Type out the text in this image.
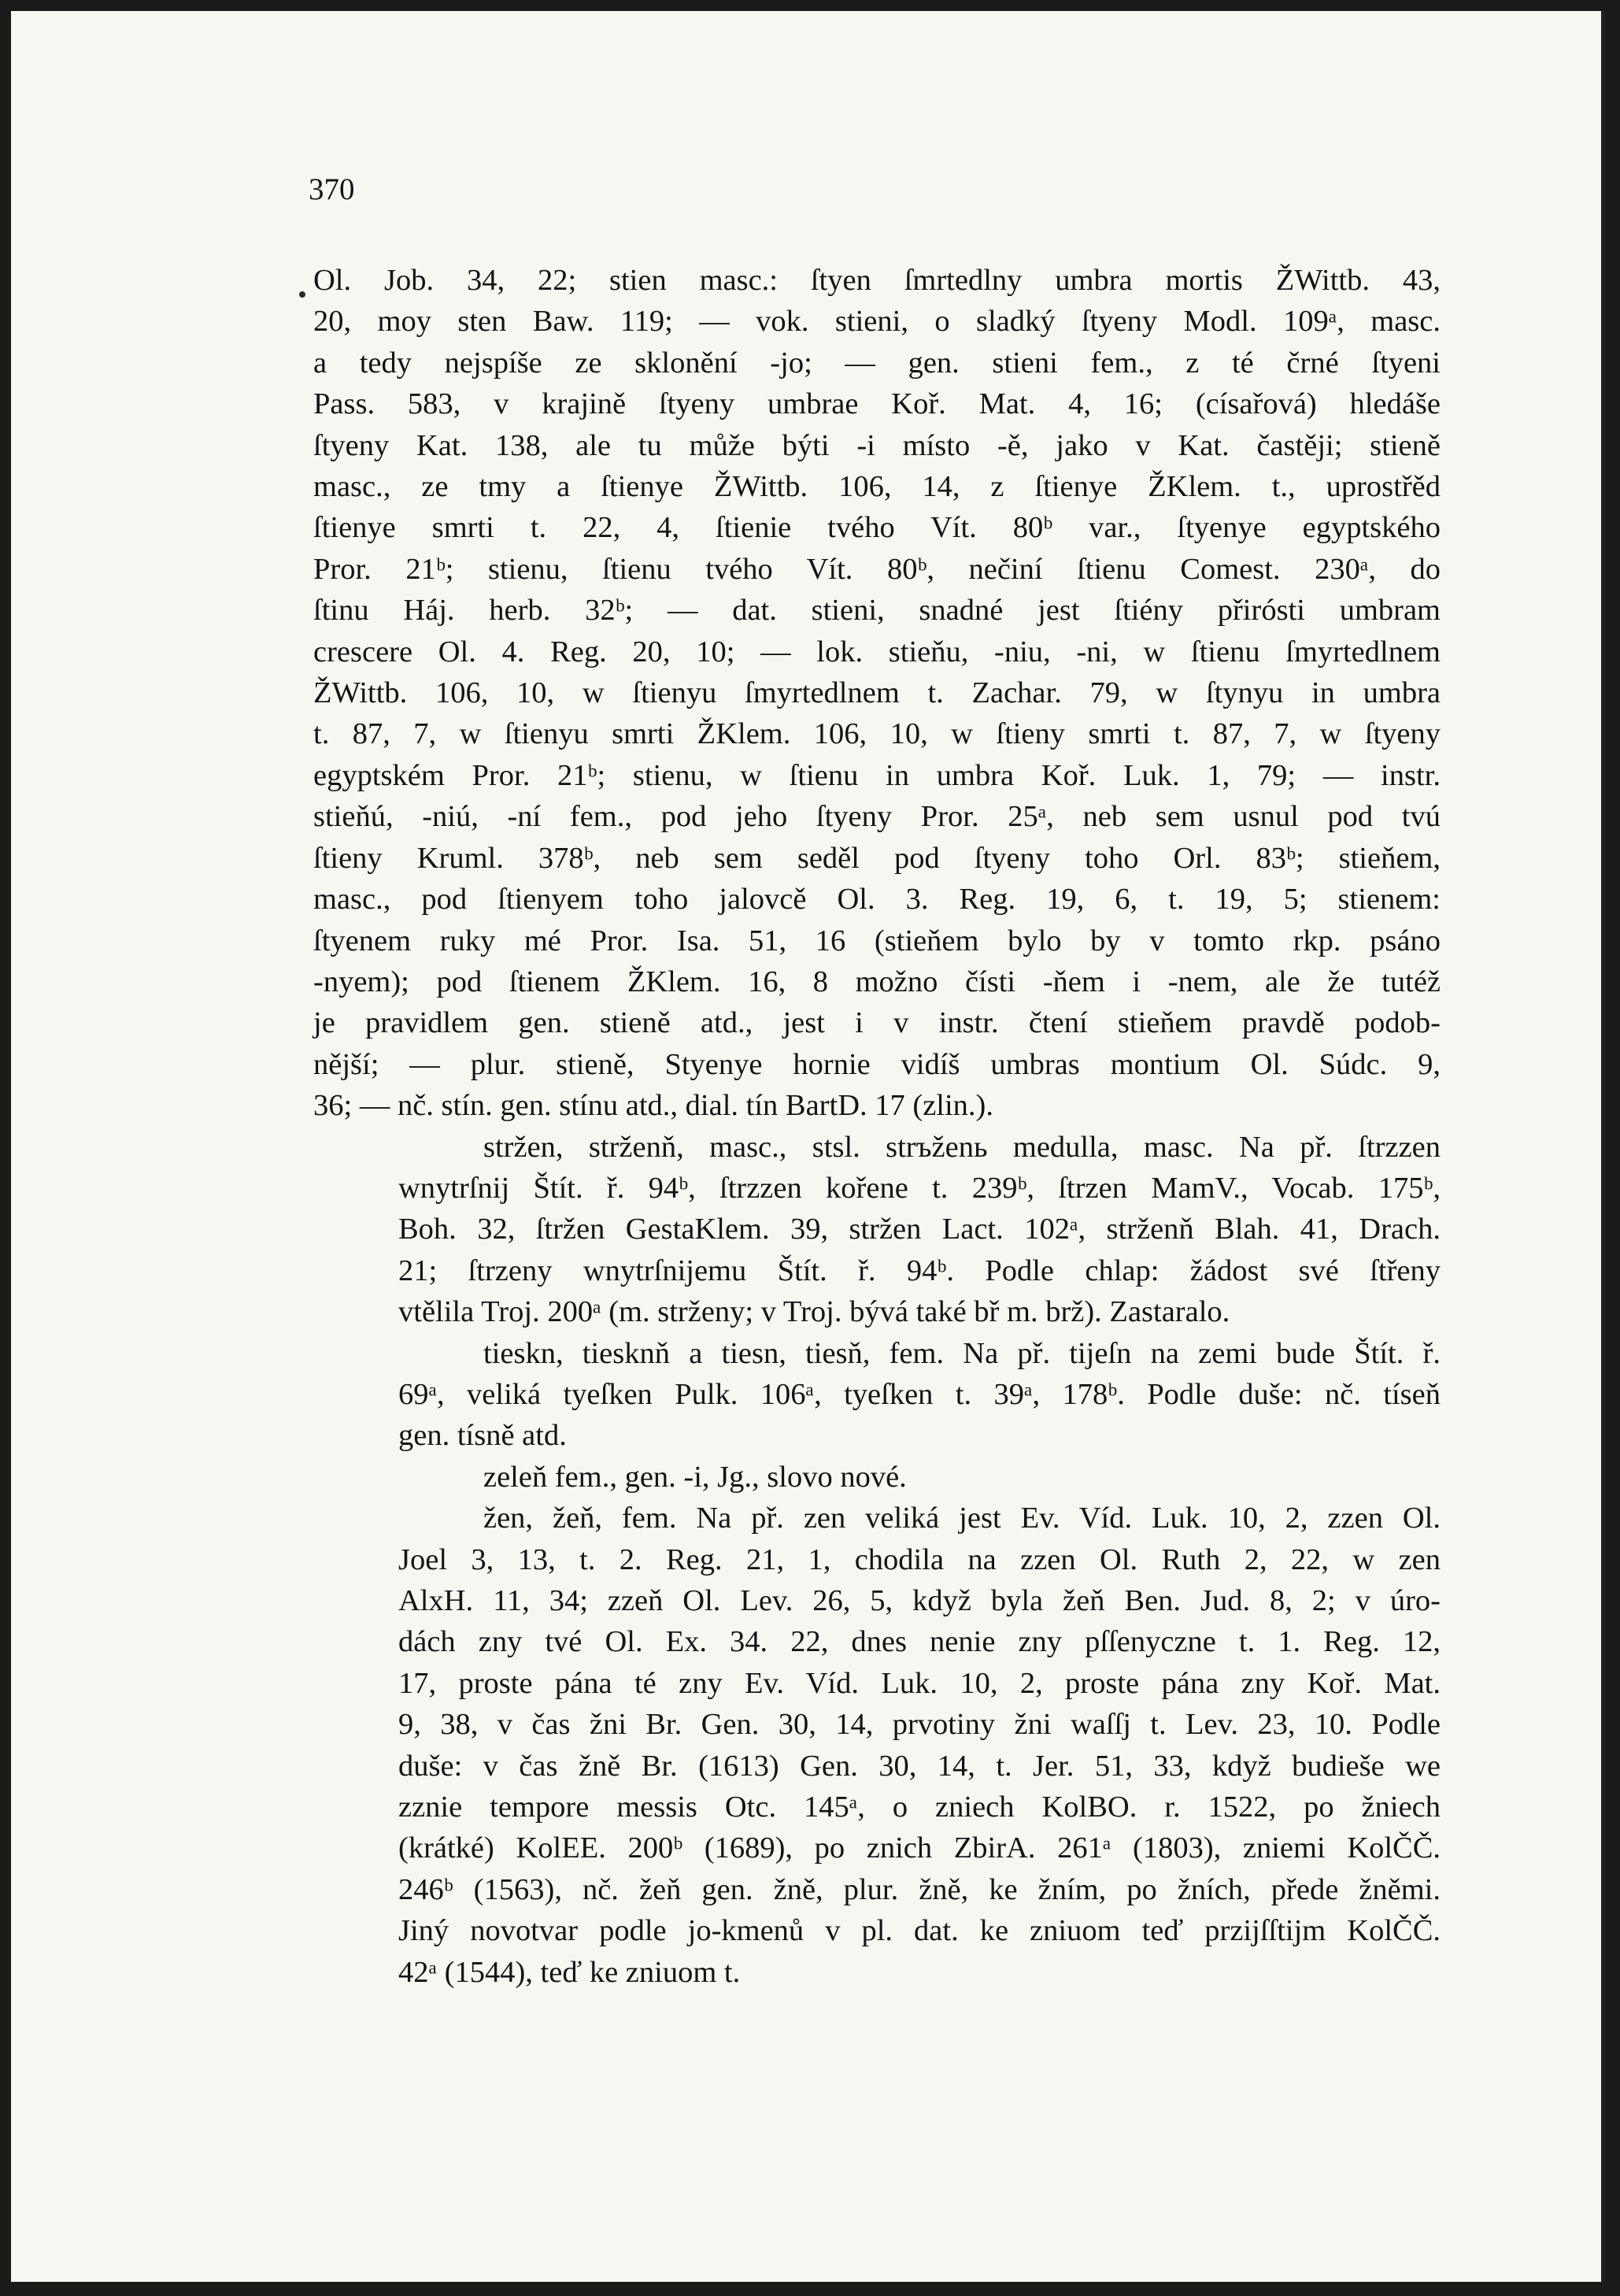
370
Ol. Job. 34, 22; stien masc.: ſtyen ſmrtedlny umbra mortis ŽWittb. 43,
20, moy sten Baw. 119; — vok. stieni, o sladký ſtyeny Modl. 109ᵃ, masc.
a tedy nejspíše ze sklonění -jo; — gen. stieni fem., z té črné ſtyeni
Pass. 583, v krajině ſtyeny umbrae Koř. Mat. 4, 16; (císařová) hledáše
ſtyeny Kat. 138, ale tu může býti -i místo -ě, jako v Kat. častěji; stieně
masc., ze tmy a ſtienye ŽWittb. 106, 14, z ſtienye ŽKlem. t., uprostřěd
ſtienye smrti t. 22, 4, ſtienie tvého Vít. 80ᵇ var., ſtyenye egyptského
Pror. 21ᵇ; stienu, ſtienu tvého Vít. 80ᵇ, nečiní ſtienu Comest. 230ᵃ, do
ſtinu Háj. herb. 32ᵇ; — dat. stieni, snadné jest ſtiény přirósti umbram
crescere Ol. 4. Reg. 20, 10; — lok. stieňu, -niu, -ni, w ſtienu ſmyrtedlnem
ŽWittb. 106, 10, w ſtienyu ſmyrtedlnem t. Zachar. 79, w ſtynyu in umbra
t. 87, 7, w ſtienyu smrti ŽKlem. 106, 10, w ſtieny smrti t. 87, 7, w ſtyeny
egyptském Pror. 21ᵇ; stienu, w ſtienu in umbra Koř. Luk. 1, 79; — instr.
stieňú, -niú, -ní fem., pod jeho ſtyeny Pror. 25ᵃ, neb sem usnul pod tvú
ſtieny Kruml. 378ᵇ, neb sem seděl pod ſtyeny toho Orl. 83ᵇ; stieňem,
masc., pod ſtienyem toho jalovcě Ol. 3. Reg. 19, 6, t. 19, 5; stienem:
ſtyenem ruky mé Pror. Isa. 51, 16 (stieňem bylo by v tomto rkp. psáno
-nyem); pod ſtienem ŽKlem. 16, 8 možno čísti -ňem i -nem, ale že tutéž
je pravidlem gen. stieně atd., jest i v instr. čtení stieňem pravdě podob-
nější; — plur. stieně, Styenye hornie vidíš umbras montium Ol. Súdc. 9,
36; — nč. stín. gen. stínu atd., dial. tín BartD. 17 (zlin.).
stržen, strženň, masc., stsl. strъženь medulla, masc. Na př. ſtrzzen
wnytrſnij Štít. ř. 94ᵇ, ſtrzzen kořene t. 239ᵇ, ſtrzen MamV., Vocab. 175ᵇ,
Boh. 32, ſtržen GestaKlem. 39, stržen Lact. 102ᵃ, strženň Blah. 41, Drach.
21; ſtrzeny wnytrſnijemu Štít. ř. 94ᵇ. Podle chlap: žádost své ſtřeny
vtělila Troj. 200ᵃ (m. strženy; v Troj. bývá také bř m. brž). Zastaralo.
tieskn, tiesknň a tiesn, tiesň, fem. Na př. tijeſn na zemi bude Štít. ř.
69ᵃ, veliká tyeſken Pulk. 106ᵃ, tyeſken t. 39ᵃ, 178ᵇ. Podle duše: nč. tíseň
gen. tísně atd.
zeleň fem., gen. -i, Jg., slovo nové.
žen, žeň, fem. Na př. zen veliká jest Ev. Víd. Luk. 10, 2, zzen Ol.
Joel 3, 13, t. 2. Reg. 21, 1, chodila na zzen Ol. Ruth 2, 22, w zen
AlxH. 11, 34; zzeň Ol. Lev. 26, 5, když byla žeň Ben. Jud. 8, 2; v úro-
dách zny tvé Ol. Ex. 34. 22, dnes nenie zny pſſenyczne t. 1. Reg. 12,
17, proste pána té zny Ev. Víd. Luk. 10, 2, proste pána zny Koř. Mat.
9, 38, v čas žni Br. Gen. 30, 14, prvotiny žni waſſj t. Lev. 23, 10. Podle
duše: v čas žně Br. (1613) Gen. 30, 14, t. Jer. 51, 33, když budieše we
zznie tempore messis Otc. 145ᵃ, o zniech KolBO. r. 1522, po žniech
(krátké) KolEE. 200ᵇ (1689), po znich ZbirA. 261ᵃ (1803), zniemi KolČČ.
246ᵇ (1563), nč. žeň gen. žně, plur. žně, ke žním, po žních, přede žněmi.
Jiný novotvar podle jo-kmenů v pl. dat. ke zniuom teď przijſſtijm KolČČ.
42ᵃ (1544), teď ke zniuom t.
